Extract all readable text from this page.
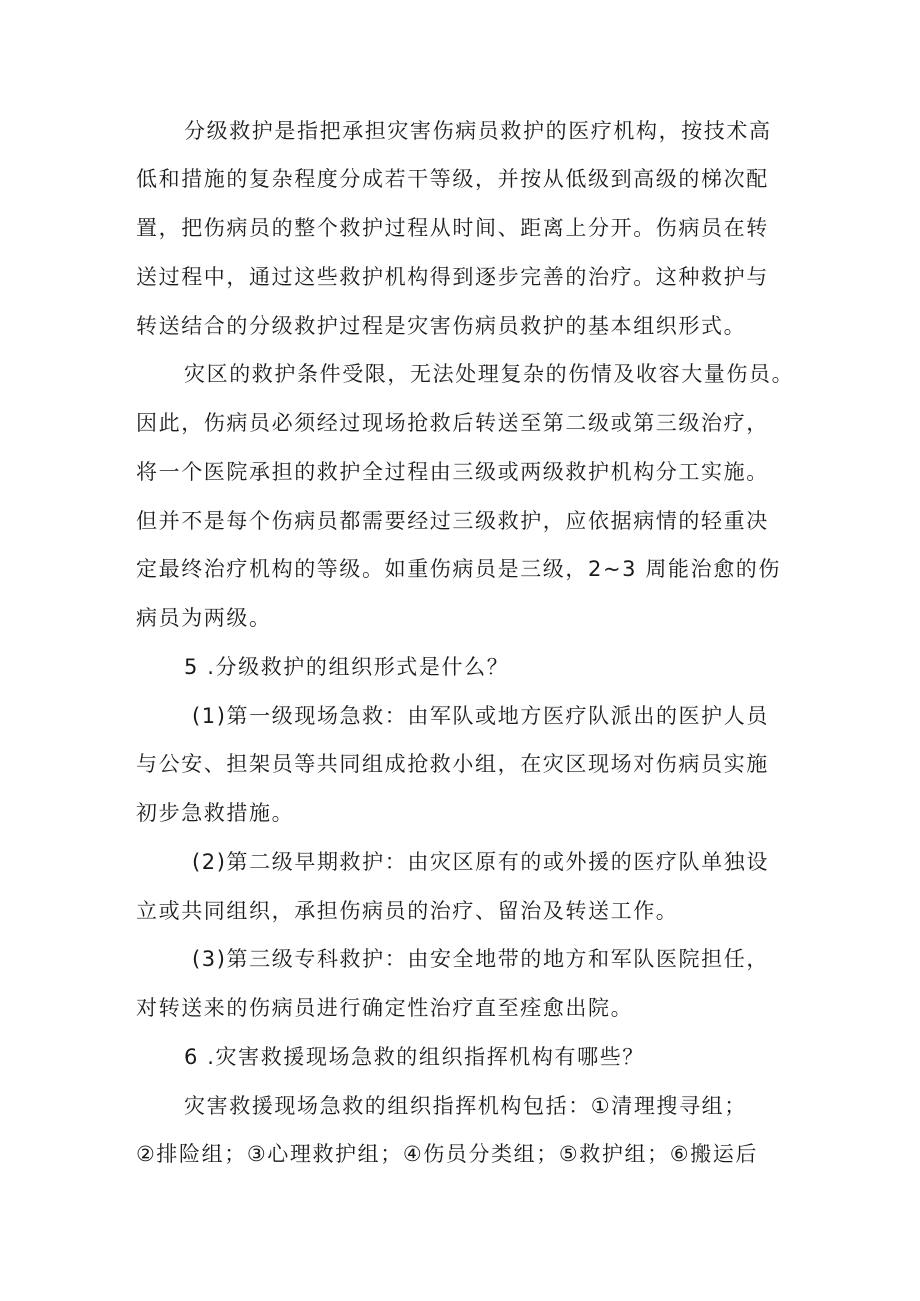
分级救护是指把承担灾害伤病员救护的医疗机构，按技术高

低和措施的复杂程度分成若干等级，并按从低级到高级的梯次配

置，把伤病员的整个救护过程从时间、距离上分开。伤病员在转

送过程中，通过这些救护机构得到逐步完善的治疗。这种救护与

转送结合的分级救护过程是灾害伤病员救护的基本组织形式。

灾区的救护条件受限，无法处理复杂的伤情及收容大量伤员。

因此，伤病员必须经过现场抢救后转送至第二级或第三级治疗，

将一个医院承担的救护全过程由三级或两级救护机构分工实施。

但并不是每个伤病员都需要经过三级救护，应依据病情的轻重决

定最终治疗机构的等级。如重伤病员是三级，2~3 周能治愈的伤

病员为两级。

5 .分级救护的组织形式是什么？

(1)第一级现场急救：由军队或地方医疗队派出的医护人员

与公安、担架员等共同组成抢救小组，在灾区现场对伤病员实施

初步急救措施。

(2)第二级早期救护：由灾区原有的或外援的医疗队单独设

立或共同组织，承担伤病员的治疗、留治及转送工作。

(3)第三级专科救护：由安全地带的地方和军队医院担任，

对转送来的伤病员进行确定性治疗直至痊愈出院。

6 .灾害救援现场急救的组织指挥机构有哪些？

灾害救援现场急救的组织指挥机构包括：①清理搜寻组；

②排险组；③心理救护组；④伤员分类组；⑤救护组；⑥搬运后
